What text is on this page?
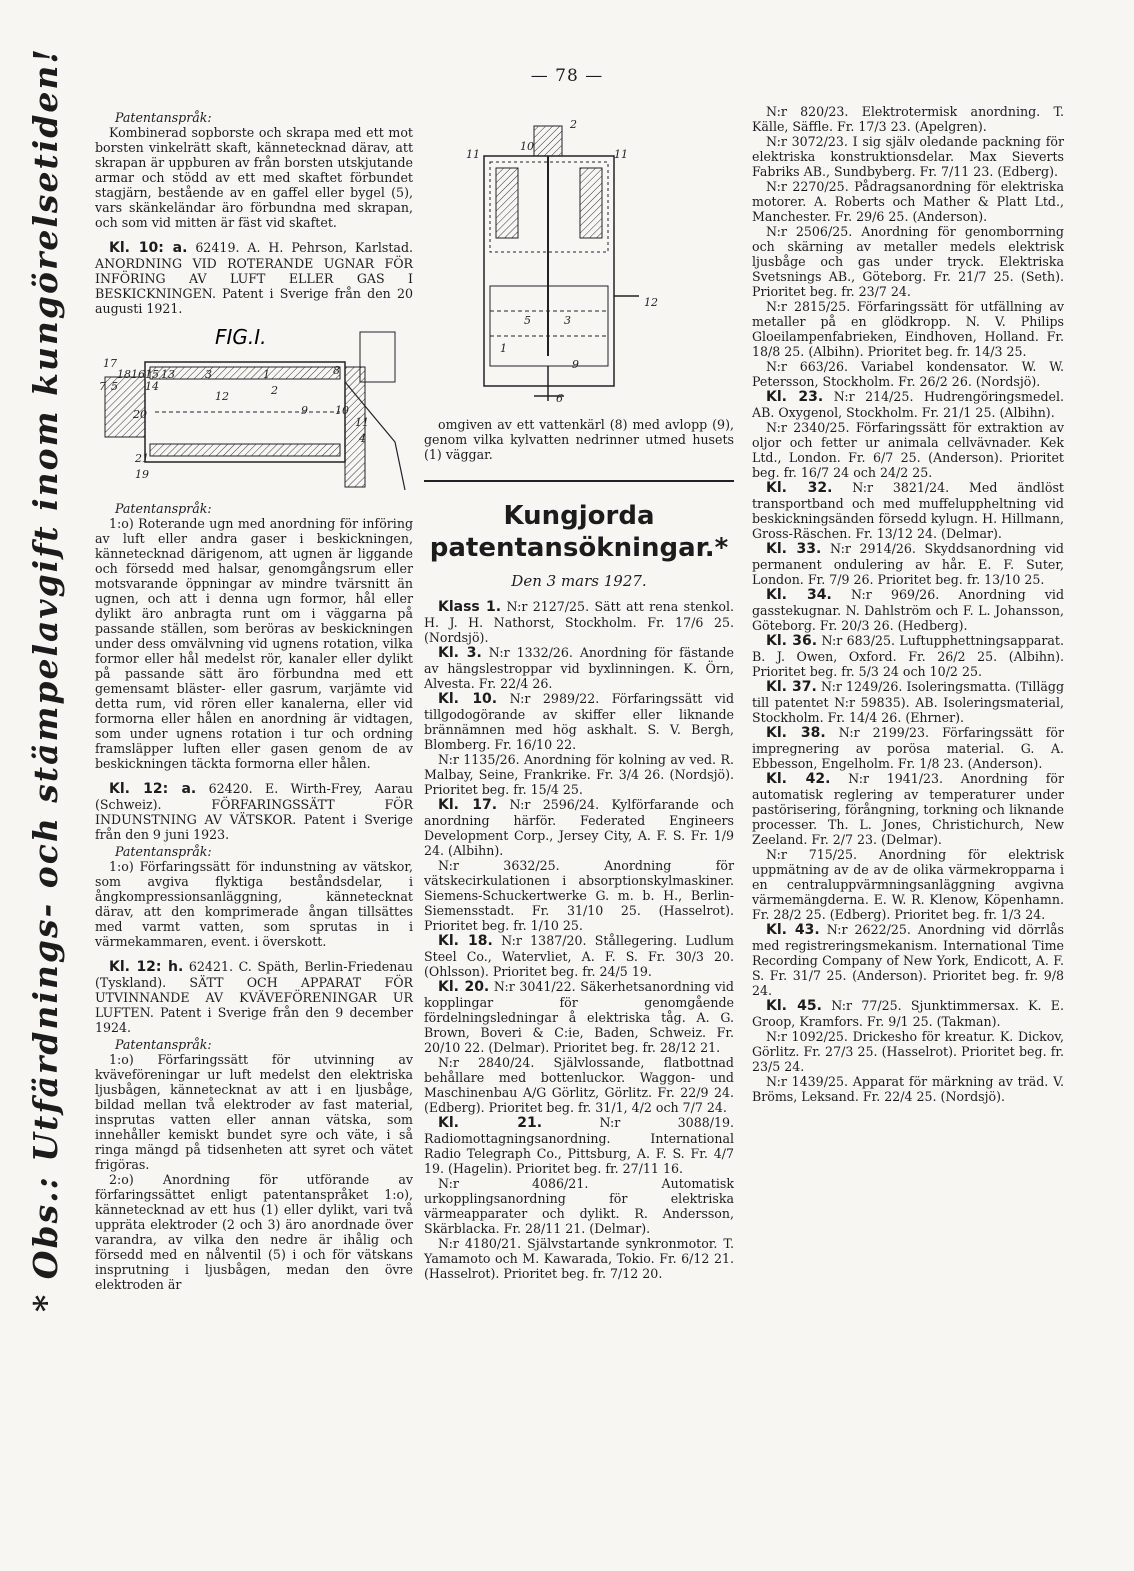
— 78 —
* Obs.: Utfärdnings- och stämpelavgift inom kungörelsetiden!	Patentanspråk:

Kombinerad sopborste och skrapa med ett mot borsten vinkelrätt skaft, kännetecknad därav, att skrapan är uppburen av från borsten utskjutande armar och stödd av ett med skaftet förbundet stagjärn, bestående av en gaffel eller bygel (5), vars skänkeländar äro förbundna med skrapan, och som vid mitten är fäst vid skaftet.

Kl. 10: a. 62419. A. H. Pehrson, Karlstad. ANORDNING VID ROTERANDE UGNAR FÖR INFÖRING AV LUFT ELLER GAS I BESKICKNINGEN. Patent i Sverige från den 20 augusti 1921.

FIG.I.
17
18 16 15 13
14
7 5
3
12
1
2
8
9 10
11
4
20
21
19

Patentanspråk:

1:o) Roterande ugn med anordning för införing av luft eller andra gaser i beskickningen, kännetecknad därigenom, att ugnen är liggande och försedd med halsar, genomgångsrum eller motsvarande öppningar av mindre tvärsnitt än ugnen, och att i denna ugn formor, hål eller dylikt äro anbragta runt om i väggarna på passande ställen, som beröras av beskickningen under dess omvälvning vid ugnens rotation, vilka formor eller hål medelst rör, kanaler eller dylikt på passande sätt äro förbundna med ett gemensamt bläster- eller gasrum, varjämte vid detta rum, vid rören eller kanalerna, eller vid formorna eller hålen en anordning är vidtagen, som under ugnens rotation i tur och ordning framsläpper luften eller gasen genom de av beskickningen täckta formorna eller hålen.

Kl. 12: a. 62420. E. Wirth-Frey, Aarau (Schweiz). FÖRFARINGSSÄTT FÖR INDUNSTNING AV VÄTSKOR. Patent i Sverige från den 9 juni 1923.

Patentanspråk:

1:o) Förfaringssätt för indunstning av vätskor, som avgiva flyktiga beståndsdelar, i ångkompressionsanläggning, kännetecknat därav, att den komprimerade ångan tillsättes med varmt vatten, som sprutas in i värmekammaren, event. i överskott.

Kl. 12: h. 62421. C. Späth, Berlin-Friedenau (Tyskland). SÄTT OCH APPARAT FÖR UTVINNANDE AV KVÄVEFÖRENINGAR UR LUFTEN. Patent i Sverige från den 9 december 1924.

Patentanspråk:

1:o) Förfaringssätt för utvinning av kväveföreningar ur luft medelst den elektriska ljusbågen, kännetecknat av att i en ljusbåge, bildad mellan två elektroder av fast material, insprutas vatten eller annan vätska, som innehåller kemiskt bundet syre och väte, i så ringa mängd på tidsenheten att syret och vätet frigöras.

2:o) Anordning för utförande av förfaringssättet enligt patentanspråket 1:o), kännetecknad av ett hus (1) eller dylikt, vari två uppräta elektroder (2 och 3) äro anordnade över varandra, av vilka den nedre är ihålig och försedd med en nålventil (5) i och för vätskans insprutning i ljusbågen, medan den övre elektroden är

2
10
11	11
12
5	3
9
1
6

omgiven av ett vattenkärl (8) med avlopp (9), genom vilka kylvatten nedrinner utmed husets (1) väggar.

Kungjorda patentansökningar.*

Den 3 mars 1927.

Klass 1. N:r 2127/25. Sätt att rena stenkol. H. J. H. Nathorst, Stockholm. Fr. 17/6 25. (Nordsjö).

Kl. 3. N:r 1332/26. Anordning för fästande av hängslestroppar vid byxlinningen. K. Örn, Alvesta. Fr. 22/4 26.

Kl. 10. N:r 2989/22. Förfaringssätt vid tillgodogörande av skiffer eller liknande brännämnen med hög askhalt. S. V. Bergh, Blomberg. Fr. 16/10 22.

N:r 1135/26. Anordning för kolning av ved. R. Malbay, Seine, Frankrike. Fr. 3/4 26. (Nordsjö). Prioritet beg. fr. 15/4 25.

Kl. 17. N:r 2596/24. Kylförfarande och anordning härför. Federated Engineers Development Corp., Jersey City, A. F. S. Fr. 1/9 24. (Albihn).

N:r 3632/25. Anordning för vätskecirkulationen i absorptionskylmaskiner. Siemens-Schuckertwerke G. m. b. H., Berlin-Siemensstadt. Fr. 31/10 25. (Hasselrot). Prioritet beg. fr. 1/10 25.

Kl. 18. N:r 1387/20. Stållegering. Ludlum Steel Co., Watervliet, A. F. S. Fr. 30/3 20. (Ohlsson). Prioritet beg. fr. 24/5 19.

Kl. 20. N:r 3041/22. Säkerhetsanordning vid kopplingar för genomgående fördelningsledningar å elektriska tåg. A. G. Brown, Boveri & C:ie, Baden, Schweiz. Fr. 20/10 22. (Delmar). Prioritet beg. fr. 28/12 21.

N:r 2840/24. Självlossande, flatbottnad behållare med bottenluckor. Waggon- und Maschinenbau A/G Görlitz, Görlitz. Fr. 22/9 24. (Edberg). Prioritet beg. fr. 31/1, 4/2 och 7/7 24.

Kl. 21.	N:r 3088/19. Radiomottagningsanordning. International Radio Telegraph Co., Pittsburg, A. F. S. Fr. 4/7 19. (Hagelin). Prioritet beg. fr. 27/11 16.

N:r 4086/21. Automatisk urkopplingsanordning för elektriska värmeapparater och dylikt. R. Andersson, Skärblacka. Fr. 28/11 21. (Delmar).

N:r 4180/21. Självstartande synkronmotor. T. Yamamoto och M. Kawarada, Tokio. Fr. 6/12 21. (Hasselrot). Prioritet beg. fr. 7/12 20.

N:r 820/23. Elektrotermisk anordning. T. Källe, Säffle. Fr. 17/3 23. (Apelgren).

N:r 3072/23. I sig själv oledande packning för elektriska konstruktionsdelar. Max Sieverts Fabriks AB., Sundbyberg. Fr. 7/11 23. (Edberg).

N:r 2270/25. Pådragsanordning för elektriska motorer. A. Roberts och Mather & Platt Ltd., Manchester. Fr. 29/6 25. (Anderson).

N:r 2506/25. Anordning för genomborrning och skärning av metaller medels elektrisk ljusbåge och gas under tryck. Elektriska Svetsnings AB., Göteborg. Fr. 21/7 25. (Seth). Prioritet beg. fr. 23/7 24.

N:r 2815/25. Förfaringssätt för utfällning av metaller på en glödkropp. N. V. Philips Gloeilampenfabrieken, Eindhoven, Holland. Fr. 18/8 25. (Albihn). Prioritet beg. fr. 14/3 25.

N:r 663/26. Variabel kondensator. W. W. Petersson, Stockholm. Fr. 26/2 26. (Nordsjö).

Kl. 23. N:r 214/25. Hudrengöringsmedel. AB. Oxygenol, Stockholm. Fr. 21/1 25. (Albihn).

N:r 2340/25. Förfaringssätt för extraktion av oljor och fetter ur animala cellvävnader. Kek Ltd., London. Fr. 6/7 25. (Anderson). Prioritet beg. fr. 16/7 24 och 24/2 25.

Kl. 32. N:r 3821/24. Med ändlöst transportband och med muffeluppheltning vid beskickningsänden försedd kylugn. H. Hillmann, Gross-Räschen. Fr. 13/12 24. (Delmar).

Kl. 33. N:r 2914/26. Skyddsanordning vid permanent ondulering av hår. E. F. Suter, London. Fr. 7/9 26. Prioritet beg. fr. 13/10 25.

Kl. 34. N:r 969/26. Anordning vid gasstekugnar. N. Dahlström och F. L. Johansson, Göteborg. Fr. 20/3 26. (Hedberg).

Kl. 36. N:r 683/25. Luftupphettningsapparat. B. J. Owen, Oxford. Fr. 26/2 25. (Albihn). Prioritet beg. fr. 5/3 24 och 10/2 25.

Kl. 37. N:r 1249/26. Isoleringsmatta. (Tillägg till patentet N:r 59835). AB. Isoleringsmaterial, Stockholm. Fr. 14/4 26. (Ehrner).

Kl. 38. N:r 2199/23. Förfaringssätt för impregnering av porösa material. G. A. Ebbesson, Engelholm. Fr. 1/8 23. (Anderson).

Kl. 42. N:r 1941/23. Anordning för automatisk reglering av temperaturer under pastörisering, förångning, torkning och liknande processer. Th. L. Jones, Christichurch, New Zeeland. Fr. 2/7 23. (Delmar).

N:r 715/25. Anordning för elektrisk uppmätning av de av de olika värmekropparna i en centraluppvärmningsanläggning avgivna värmemängderna. E. W. R. Klenow, Köpenhamn. Fr. 28/2 25. (Edberg). Prioritet beg. fr. 1/3 24.

Kl. 43. N:r 2622/25. Anordning vid dörrlås med registreringsmekanism. International Time Recording Company of New York, Endicott, A. F. S. Fr. 31/7 25. (Anderson). Prioritet beg. fr. 9/8 24.

Kl. 45. N:r 77/25. Sjunktimmersax. K. E. Groop, Kramfors. Fr. 9/1 25. (Takman).

N:r 1092/25. Drickesho för kreatur. K. Dickov, Görlitz. Fr. 27/3 25. (Hasselrot). Prioritet beg. fr. 23/5 24.

N:r 1439/25. Apparat för märkning av träd. V. Bröms, Leksand. Fr. 22/4 25. (Nordsjö).
